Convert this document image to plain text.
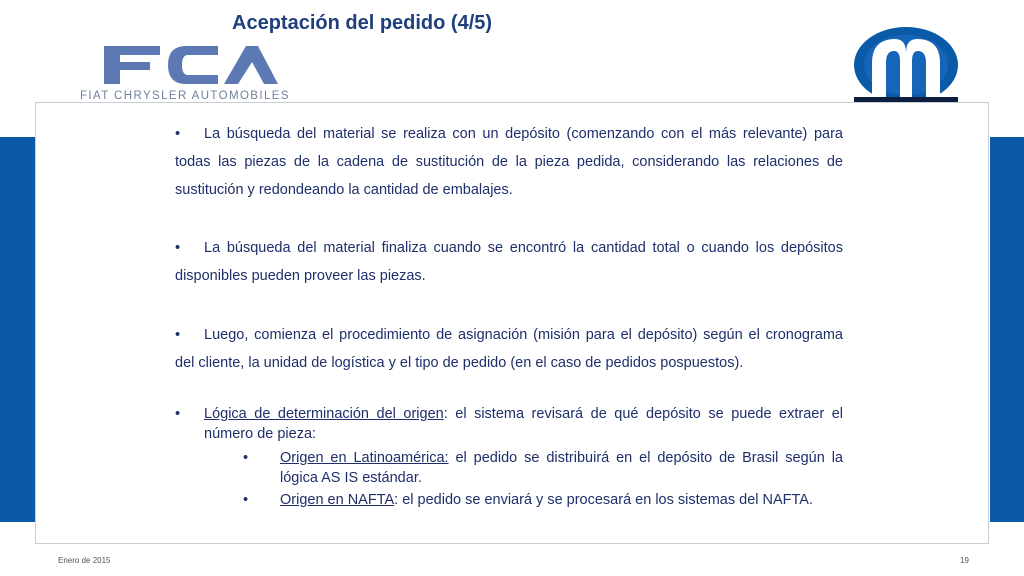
Aceptación del pedido (4/5)
FIAT CHRYSLER AUTOMOBILES

• La búsqueda del material se realiza con un depósito (comenzando con el más relevante) para todas las piezas de la cadena de sustitución de la pieza pedida, considerando las relaciones de sustitución y redondeando la cantidad de embalajes.

• La búsqueda del material finaliza cuando se encontró la cantidad total o cuando los depósitos disponibles pueden proveer las piezas.

• Luego, comienza el procedimiento de asignación (misión para el depósito) según el cronograma del cliente, la unidad de logística y el tipo de pedido (en el caso de pedidos pospuestos).

•	Lógica de determinación del origen: el sistema revisará de qué depósito se puede extraer el número de pieza:

• Origen en Latinoamérica: el pedido se distribuirá en el depósito de Brasil según la lógica AS IS estándar.

• Origen en NAFTA: el pedido se enviará y se procesará en los sistemas del NAFTA.

Enero de 2015	19
